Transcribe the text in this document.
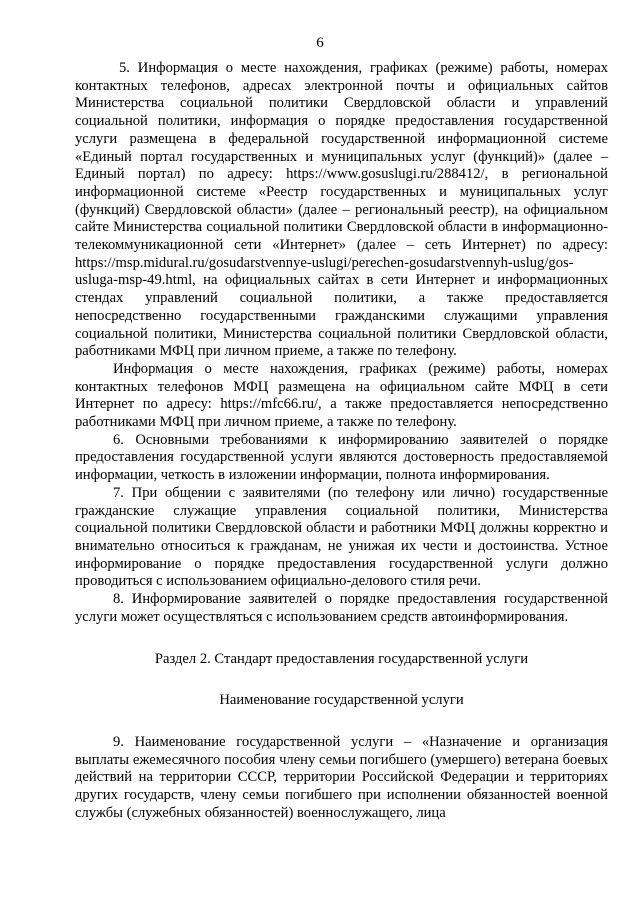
6

5. Информация о месте нахождения, графиках (режиме) работы, номерах контактных телефонов, адресах электронной почты и официальных сайтов Министерства социальной политики Свердловской области и управлений социальной политики, информация о порядке предоставления государственной услуги размещена в федеральной государственной информационной системе «Единый портал государственных и муниципальных услуг (функций)» (далее – Единый портал) по адресу: https://www.gosuslugi.ru/288412/, в региональной информационной системе «Реестр государственных и муниципальных услуг (функций) Свердловской области» (далее – региональный реестр), на официальном сайте Министерства социальной политики Свердловской области в информационно-телекоммуникационной сети «Интернет» (далее – сеть Интернет) по адресу: https://msp.midural.ru/gosudarstvennye-uslugi/perechen-gosudarstvennyh-uslug/gos-usluga-msp-49.html, на официальных сайтах в сети Интернет и информационных стендах управлений социальной политики, а также предоставляется непосредственно государственными гражданскими служащими управления социальной политики, Министерства социальной политики Свердловской области, работниками МФЦ при личном приеме, а также по телефону.

Информация о месте нахождения, графиках (режиме) работы, номерах контактных телефонов МФЦ размещена на официальном сайте МФЦ в сети Интернет по адресу: https://mfc66.ru/, а также предоставляется непосредственно работниками МФЦ при личном приеме, а также по телефону.

6. Основными требованиями к информированию заявителей о порядке предоставления государственной услуги являются достоверность предоставляемой информации, четкость в изложении информации, полнота информирования.

7. При общении с заявителями (по телефону или лично) государственные гражданские служащие управления социальной политики, Министерства социальной политики Свердловской области и работники МФЦ должны корректно и внимательно относиться к гражданам, не унижая их чести и достоинства. Устное информирование о порядке предоставления государственной услуги должно проводиться с использованием официально-делового стиля речи.

8. Информирование заявителей о порядке предоставления государственной услуги может осуществляться с использованием средств автоинформирования.

Раздел 2. Стандарт предоставления государственной услуги

Наименование государственной услуги

9. Наименование государственной услуги – «Назначение и организация выплаты ежемесячного пособия члену семьи погибшего (умершего) ветерана боевых действий на территории СССР, территории Российской Федерации и территориях других государств, члену семьи погибшего при исполнении обязанностей военной службы (служебных обязанностей) военнослужащего, лица
